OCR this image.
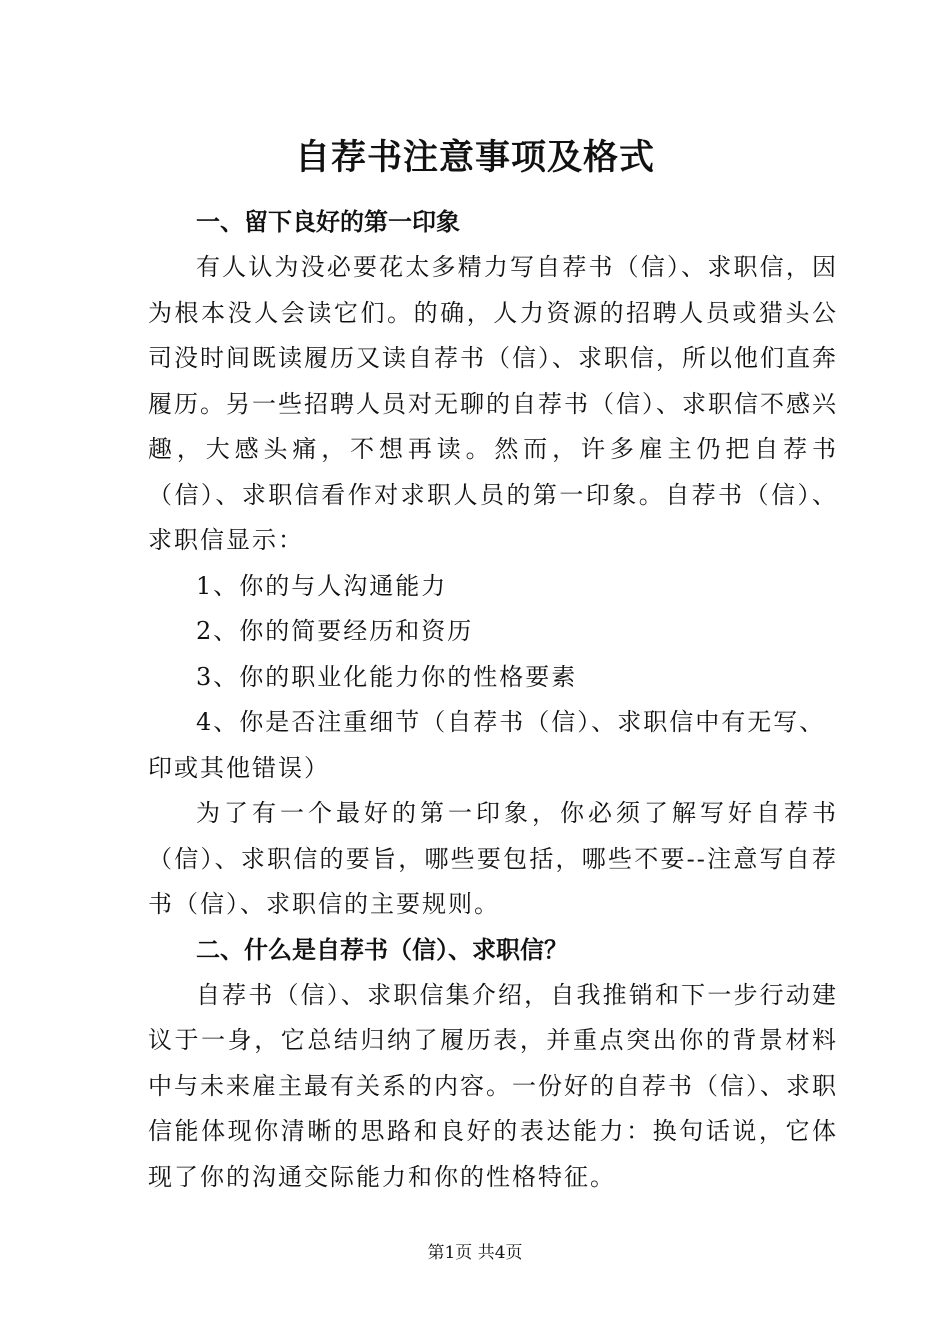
自荐书注意事项及格式

一、留下良好的第一印象

有人认为没必要花太多精力写自荐书（信）、求职信，因为根本没人会读它们。的确，人力资源的招聘人员或猎头公司没时间既读履历又读自荐书（信）、求职信，所以他们直奔履历。另一些招聘人员对无聊的自荐书（信）、求职信不感兴趣，大感头痛，不想再读。然而，许多雇主仍把自荐书（信）、求职信看作对求职人员的第一印象。自荐书（信）、求职信显示：

1、你的与人沟通能力

2、你的简要经历和资历

3、你的职业化能力你的性格要素

4、你是否注重细节（自荐书（信）、求职信中有无写、印或其他错误）

为了有一个最好的第一印象，你必须了解写好自荐书（信）、求职信的要旨，哪些要包括，哪些不要--注意写自荐书（信）、求职信的主要规则。

二、什么是自荐书（信）、求职信？

自荐书（信）、求职信集介绍，自我推销和下一步行动建议于一身，它总结归纳了履历表，并重点突出你的背景材料中与未来雇主最有关系的内容。一份好的自荐书（信）、求职信能体现你清晰的思路和良好的表达能力：换句话说，它体现了你的沟通交际能力和你的性格特征。

第1页 共4页
